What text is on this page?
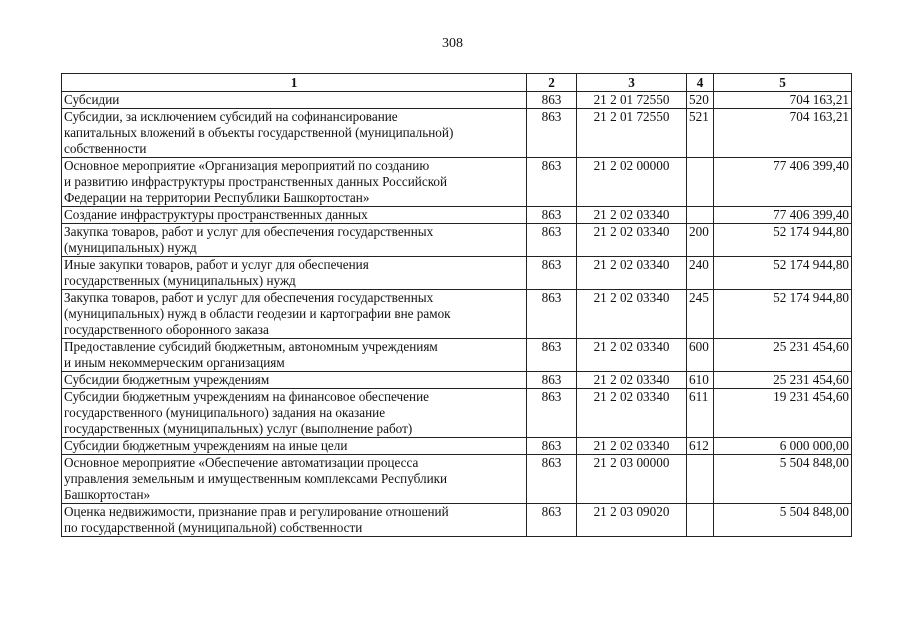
308
1	2	3	4	5
Субсидии	863	21 2 01 72550	520	704 163,21
Субсидии, за исключением субсидий на софинансирование
капитальных вложений в объекты государственной (муниципальной)
собственности	863	21 2 01 72550	521	704 163,21
Основное мероприятие «Организация мероприятий по созданию
и развитию инфраструктуры пространственных данных Российской
Федерации на территории Республики Башкортостан»	863	21 2 02 00000		77 406 399,40
Создание инфраструктуры пространственных данных	863	21 2 02 03340		77 406 399,40
Закупка товаров, работ и услуг для обеспечения государственных
(муниципальных) нужд	863	21 2 02 03340	200	52 174 944,80
Иные закупки товаров, работ и услуг для обеспечения
государственных (муниципальных) нужд	863	21 2 02 03340	240	52 174 944,80
Закупка товаров, работ и услуг для обеспечения государственных
(муниципальных) нужд в области геодезии и картографии вне рамок
государственного оборонного заказа	863	21 2 02 03340	245	52 174 944,80
Предоставление субсидий бюджетным, автономным учреждениям
и иным некоммерческим организациям	863	21 2 02 03340	600	25 231 454,60
Субсидии бюджетным учреждениям	863	21 2 02 03340	610	25 231 454,60
Субсидии бюджетным учреждениям на финансовое обеспечение
государственного (муниципального) задания на оказание
государственных (муниципальных) услуг (выполнение работ)	863	21 2 02 03340	611	19 231 454,60
Субсидии бюджетным учреждениям на иные цели	863	21 2 02 03340	612	6 000 000,00
Основное мероприятие «Обеспечение автоматизации процесса
управления земельным и имущественным комплексами Республики
Башкортостан»	863	21 2 03 00000		5 504 848,00
Оценка недвижимости, признание прав и регулирование отношений
по государственной (муниципальной) собственности	863	21 2 03 09020		5 504 848,00
